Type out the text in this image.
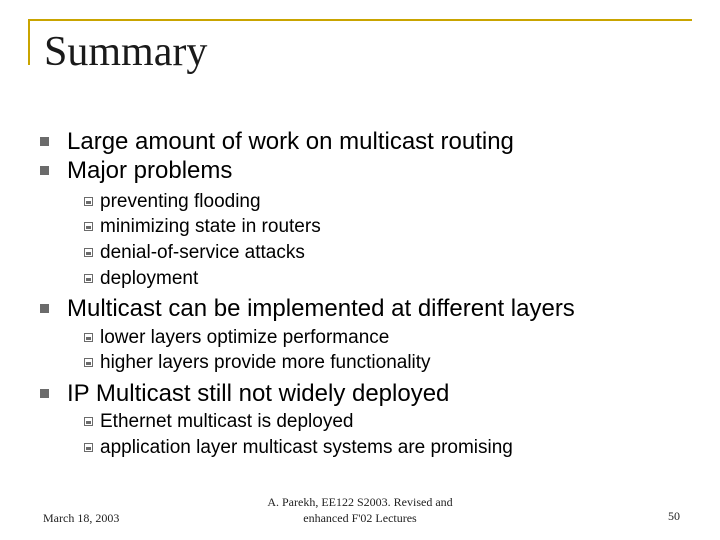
Summary
Large amount of work on multicast routing
Major problems
preventing flooding
minimizing state in routers
denial-of-service attacks
deployment
Multicast can be implemented at different layers
lower layers optimize performance
higher layers provide more functionality
IP Multicast still not widely deployed
Ethernet multicast is deployed
application layer multicast systems are promising
March 18, 2003
A. Parekh, EE122 S2003. Revised and
enhanced F'02 Lectures	50
